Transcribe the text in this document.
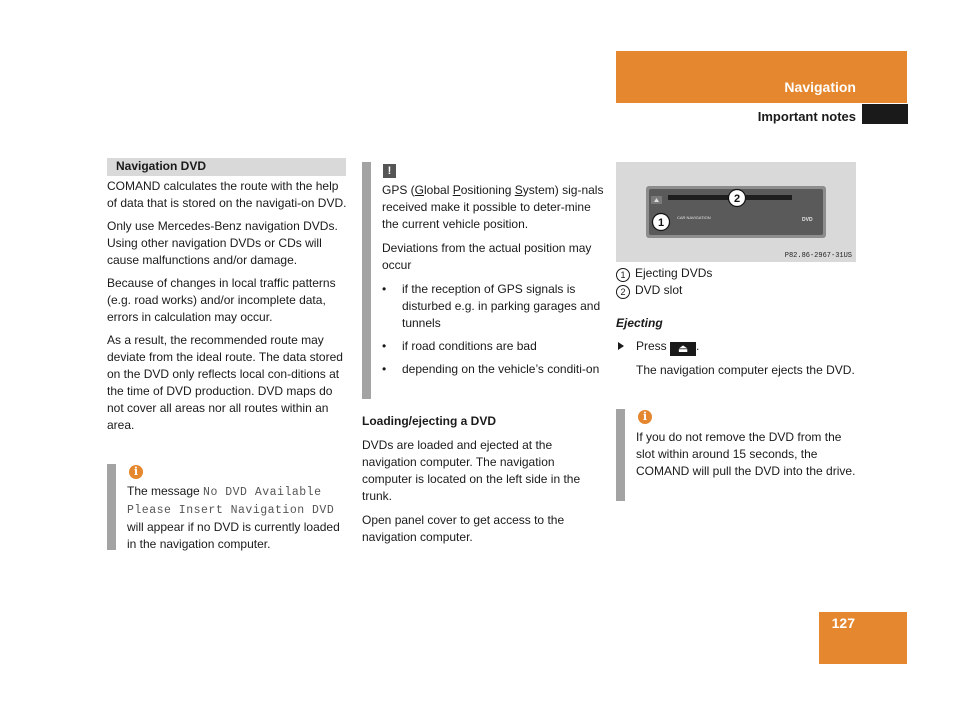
Navigation
Important notes
Navigation DVD

COMAND calculates the route with the help of data that is stored on the navigati-on DVD.

Only use Mercedes-Benz navigation DVDs. Using other navigation DVDs or CDs will cause malfunctions and/or damage.

Because of changes in local traffic patterns (e.g. road works) and/or incomplete data, errors in calculation may occur.

As a result, the recommended route may deviate from the ideal route. The data stored on the DVD only reflects local con-ditions at the time of DVD production. DVD maps do not cover all areas nor all routes within an area.

i
The message No DVD Available
Please Insert Navigation DVD will appear if no DVD is currently loaded in the navigation computer.
!

GPS (Global Positioning System) sig-nals received make it possible to deter-mine the current vehicle position.

Deviations from the actual position may occur

• if the reception of GPS signals is disturbed e.g. in parking garages and tunnels
• if road conditions are bad
• depending on the vehicle’s conditi-on

Loading/ejecting a DVD

DVDs are loaded and ejected at the navigation computer. The navigation computer is located on the left side in the trunk.

Open panel cover to get access to the navigation computer.

2
1	CAR NAVIGATION	DVD
P82.86-2967-31US

1 Ejecting DVDs

2 DVD slot

Ejecting

Press ⏏ .

The navigation computer ejects the DVD.

i
If you do not remove the DVD from the slot within around 15 seconds, the COMAND will pull the DVD into the drive.
127
